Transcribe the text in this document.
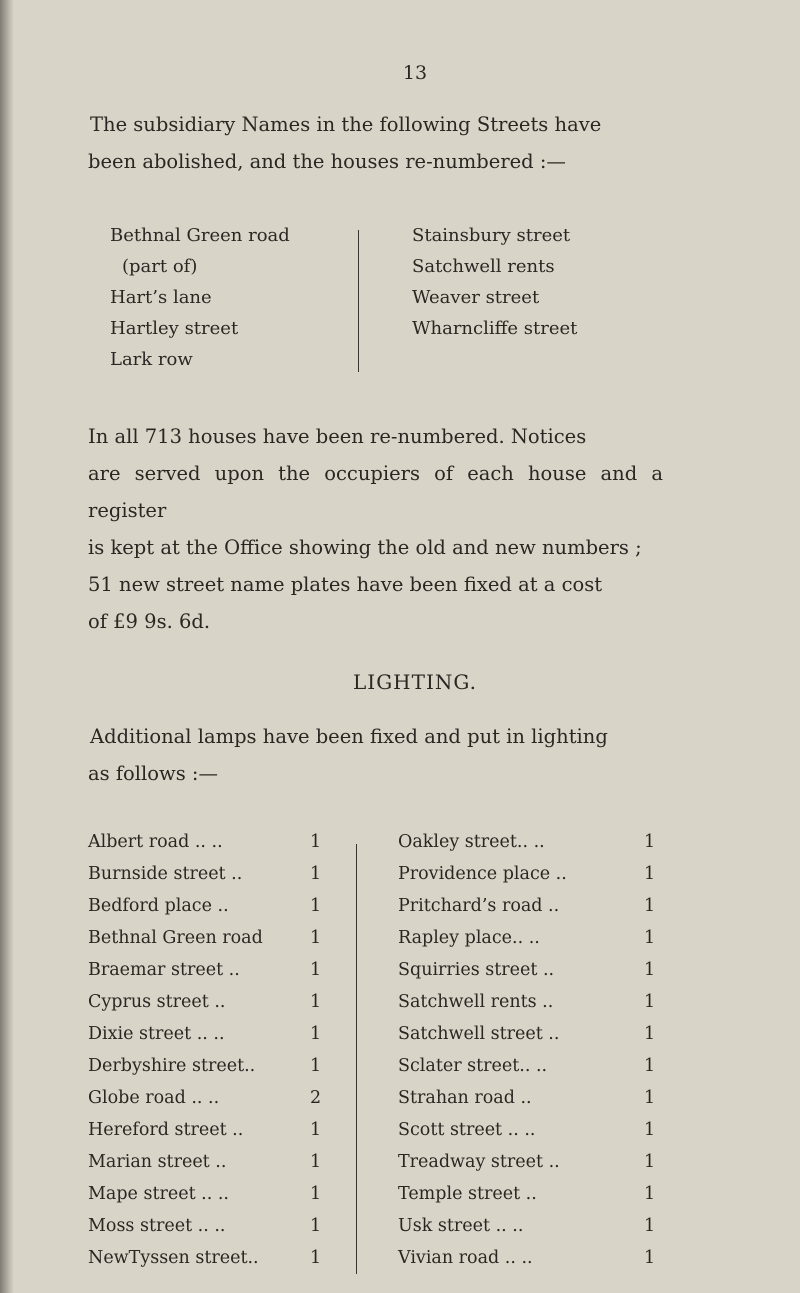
13
The subsidiary Names in the following Streets have
been abolished, and the houses re-numbered :—
Bethnal Green road
(part of)
Hart’s lane
Hartley street
Lark row
Stainsbury street
Satchwell rents
Weaver street
Wharncliffe street
In all 713 houses have been re-numbered. Notices
are served upon the occupiers of each house and a register
is kept at the Office showing the old and new numbers ;
51 new street name plates have been fixed at a cost
of £9 9s. 6d.
LIGHTING.
Additional lamps have been fixed and put in lighting
as follows :—
Albert road .. ..	1
Burnside street ..	1
Bedford place ..	1
Bethnal Green road	1
Braemar street ..	1
Cyprus street ..	1
Dixie street .. ..	1
Derbyshire street..	1
Globe road .. ..	2
Hereford street ..	1
Marian street ..	1
Mape street .. ..	1
Moss street .. ..	1
NewTyssen street..	1
Oakley street.. ..	1
Providence place ..	1
Pritchard’s road ..	1
Rapley place.. ..	1
Squirries street ..	1
Satchwell rents ..	1
Satchwell street ..	1
Sclater street.. ..	1
Strahan road ..	1
Scott street .. ..	1
Treadway street ..	1
Temple street ..	1
Usk street .. ..	1
Vivian road .. ..	1
